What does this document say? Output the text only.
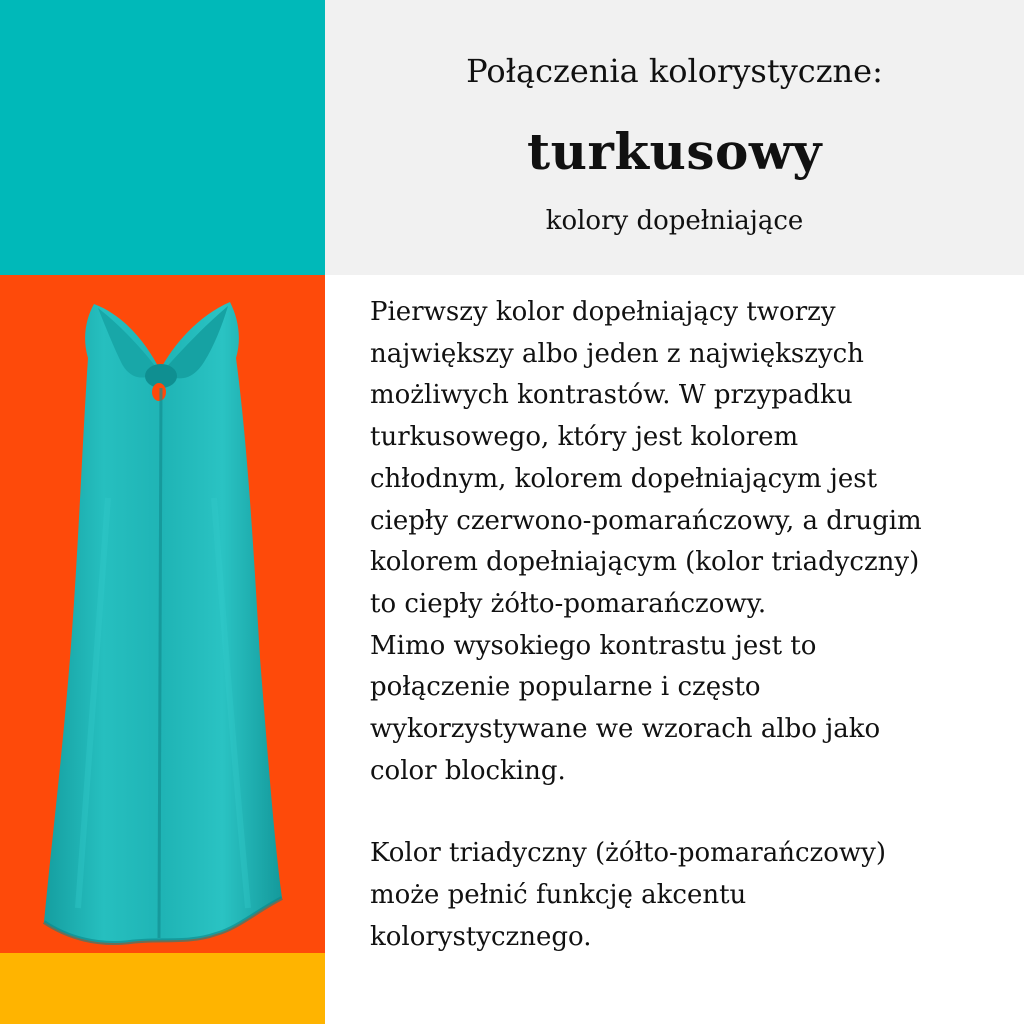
Połączenia kolorystyczne:
turkusowy
kolory dopełniające

Pierwszy kolor dopełniający tworzy
największy albo jeden z największych
możliwych kontrastów. W przypadku
turkusowego, który jest kolorem
chłodnym, kolorem dopełniającym jest
ciepły czerwono-pomarańczowy, a drugim
kolorem dopełniającym (kolor triadyczny)
to ciepły żółto-pomarańczowy.
Mimo wysokiego kontrastu jest to
połączenie popularne i często
wykorzystywane we wzorach albo jako
color blocking.

Kolor triadyczny (żółto-pomarańczowy)
może pełnić funkcję akcentu
kolorystycznego.
